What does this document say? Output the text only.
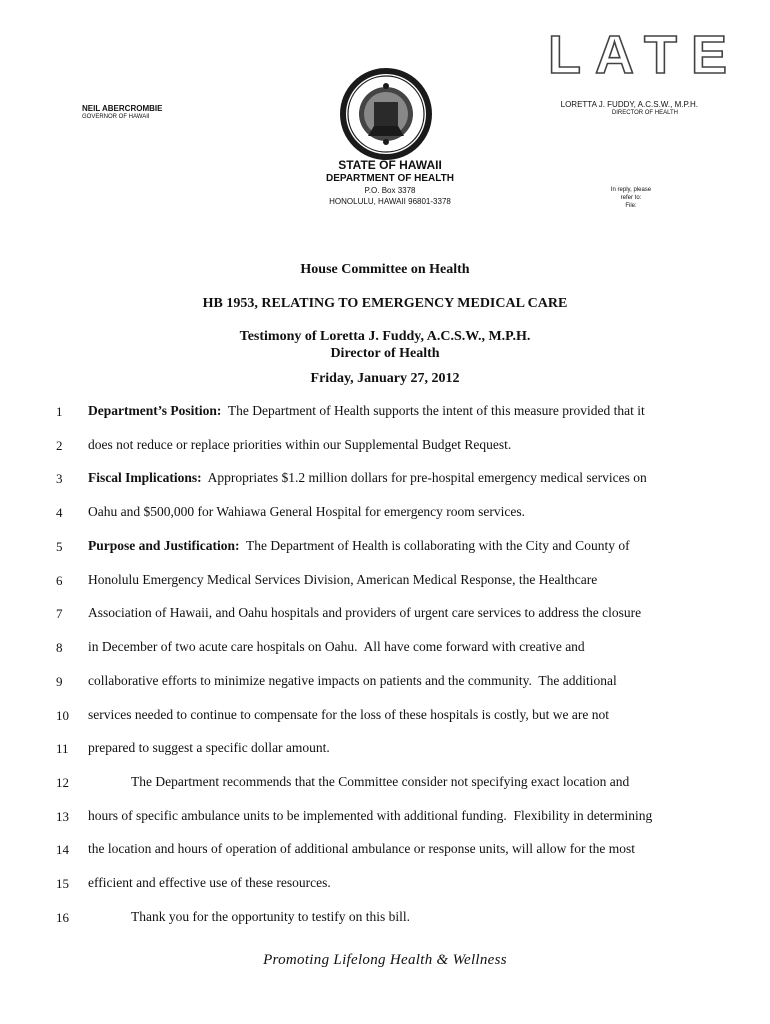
LATE
NEIL ABERCROMBIE
GOVERNOR OF HAWAII
LORETTA J. FUDDY, A.C.S.W., M.P.H.
DIRECTOR OF HEALTH
STATE OF HAWAII
DEPARTMENT OF HEALTH
P.O. Box 3378
HONOLULU, HAWAII 96801-3378
In reply, please refer to:
File:
House Committee on Health
HB 1953, RELATING TO EMERGENCY MEDICAL CARE
Testimony of Loretta J. Fuddy, A.C.S.W., M.P.H.
Director of Health
Friday, January 27, 2012
1	Department’s Position:  The Department of Health supports the intent of this measure provided that it
2	does not reduce or replace priorities within our Supplemental Budget Request.
3	Fiscal Implications:  Appropriates $1.2 million dollars for pre-hospital emergency medical services on
4	Oahu and $500,000 for Wahiawa General Hospital for emergency room services.
5	Purpose and Justification:  The Department of Health is collaborating with the City and County of
6	Honolulu Emergency Medical Services Division, American Medical Response, the Healthcare
7	Association of Hawaii, and Oahu hospitals and providers of urgent care services to address the closure
8	in December of two acute care hospitals on Oahu.  All have come forward with creative and
9	collaborative efforts to minimize negative impacts on patients and the community.  The additional
10	services needed to continue to compensate for the loss of these hospitals is costly, but we are not
11	prepared to suggest a specific dollar amount.
12	The Department recommends that the Committee consider not specifying exact location and
13	hours of specific ambulance units to be implemented with additional funding.  Flexibility in determining
14	the location and hours of operation of additional ambulance or response units, will allow for the most
15	efficient and effective use of these resources.
16	Thank you for the opportunity to testify on this bill.
Promoting Lifelong Health & Wellness
